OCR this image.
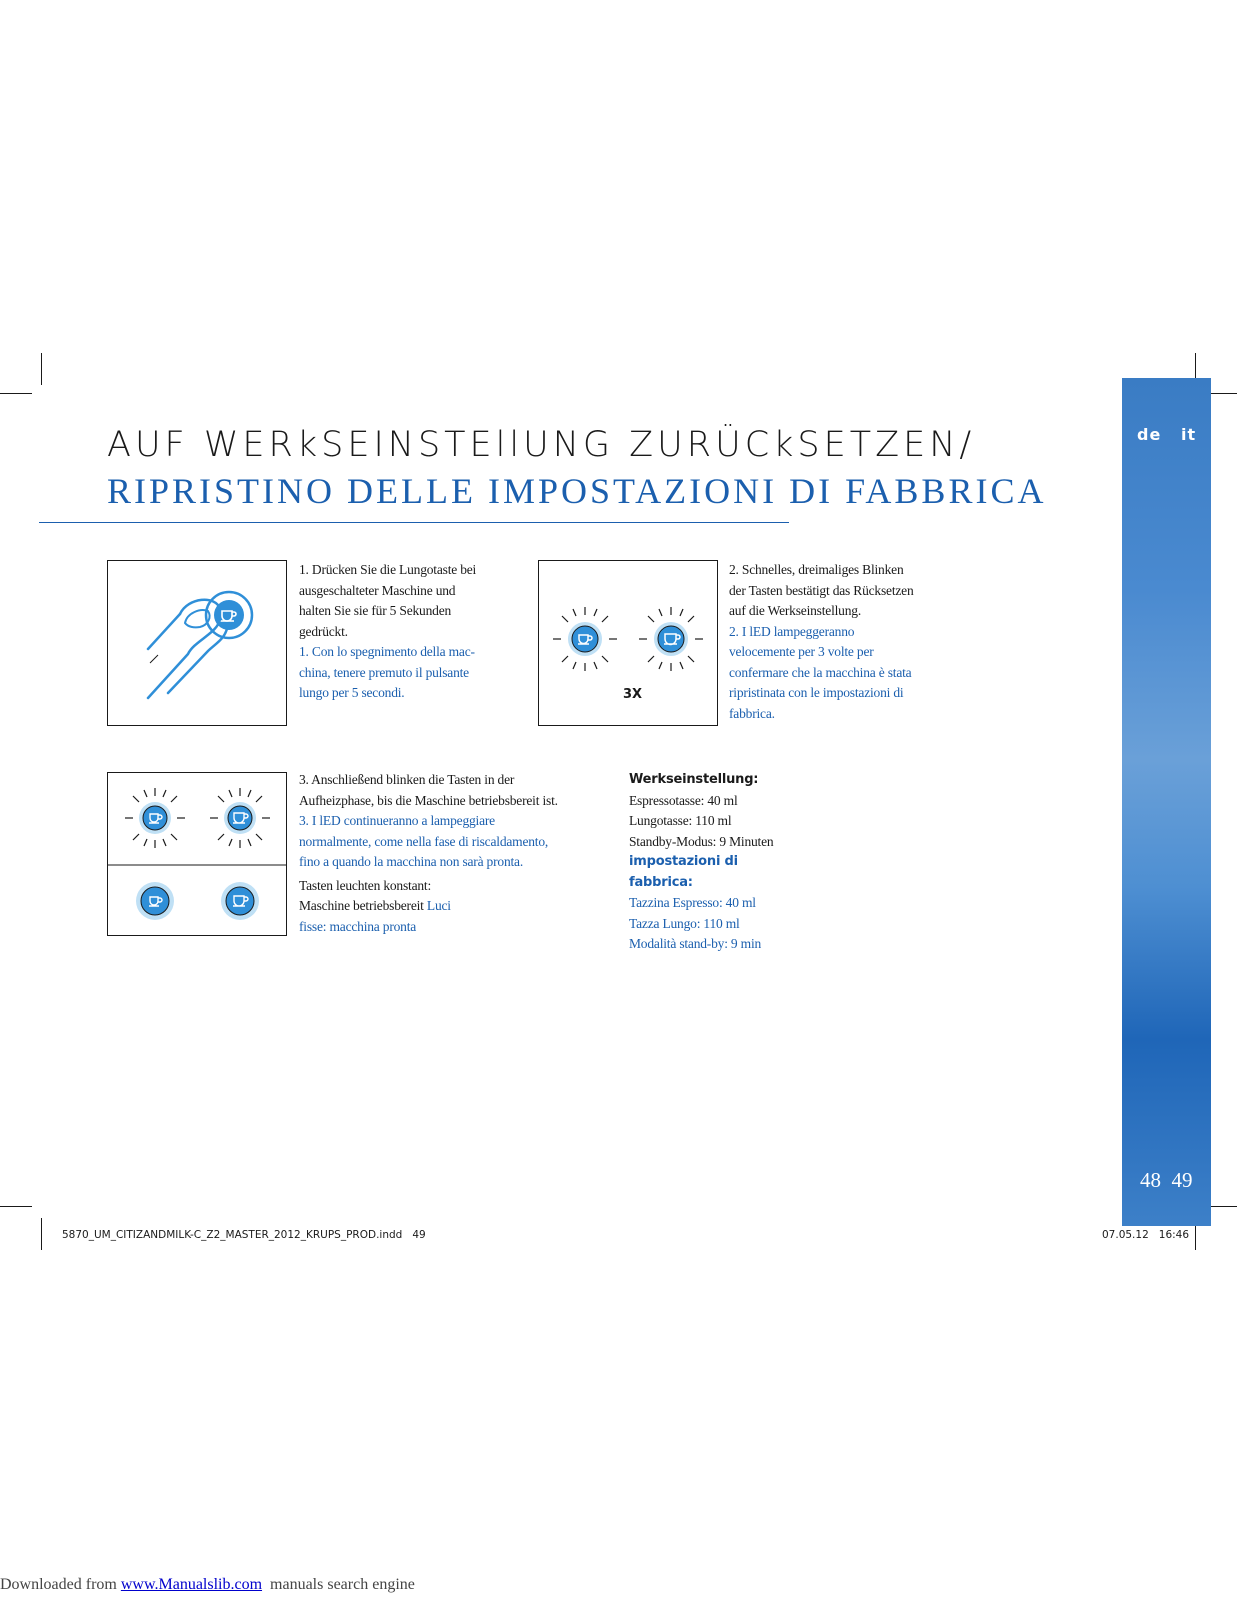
de   it
48  49
AUF WERkSEINSTEllUNG ZURÜCkSETZEN/
RIPRISTINO DELLE IMPOSTAZIONI DI FABBRICA

1. Drücken Sie die Lungotaste bei ausgeschalteter Maschine und halten Sie sie für 5 Sekunden gedrückt.

1. Con lo spegnimento della mac-china, tenere premuto il pulsante lungo per 5 secondi.	3X

2. Schnelles, dreimaliges Blinken der Tasten bestätigt das Rücksetzen auf die Werkseinstellung.

2. I lED lampeggeranno velocemente per 3 volte per confermare che la macchina è stata ripristinata con le impostazioni di fabbrica.

3. Anschließend blinken die Tasten in der Aufheizphase, bis die Maschine betriebsbereit ist.

3. I lED continueranno a lampeggiare normalmente, come nella fase di riscaldamento, fino a quando la macchina non sarà pronta.

Tasten leuchten konstant: Maschine betriebsbereit Luci fisse: macchina pronta

Werkseinstellung:

Espressotasse: 40 ml

Lungotasse: 110 ml

Standby-Modus: 9 Minuten

impostazioni di fabbrica:

Tazzina Espresso: 40 ml Tazza Lungo: 110 ml Modalità stand-by: 9 min

5870_UM_CITIZANDMILK-C_Z2_MASTER_2012_KRUPS_PROD.indd   49	07.05.12   16:46
Downloaded from www.Manualslib.com  manuals search engine
